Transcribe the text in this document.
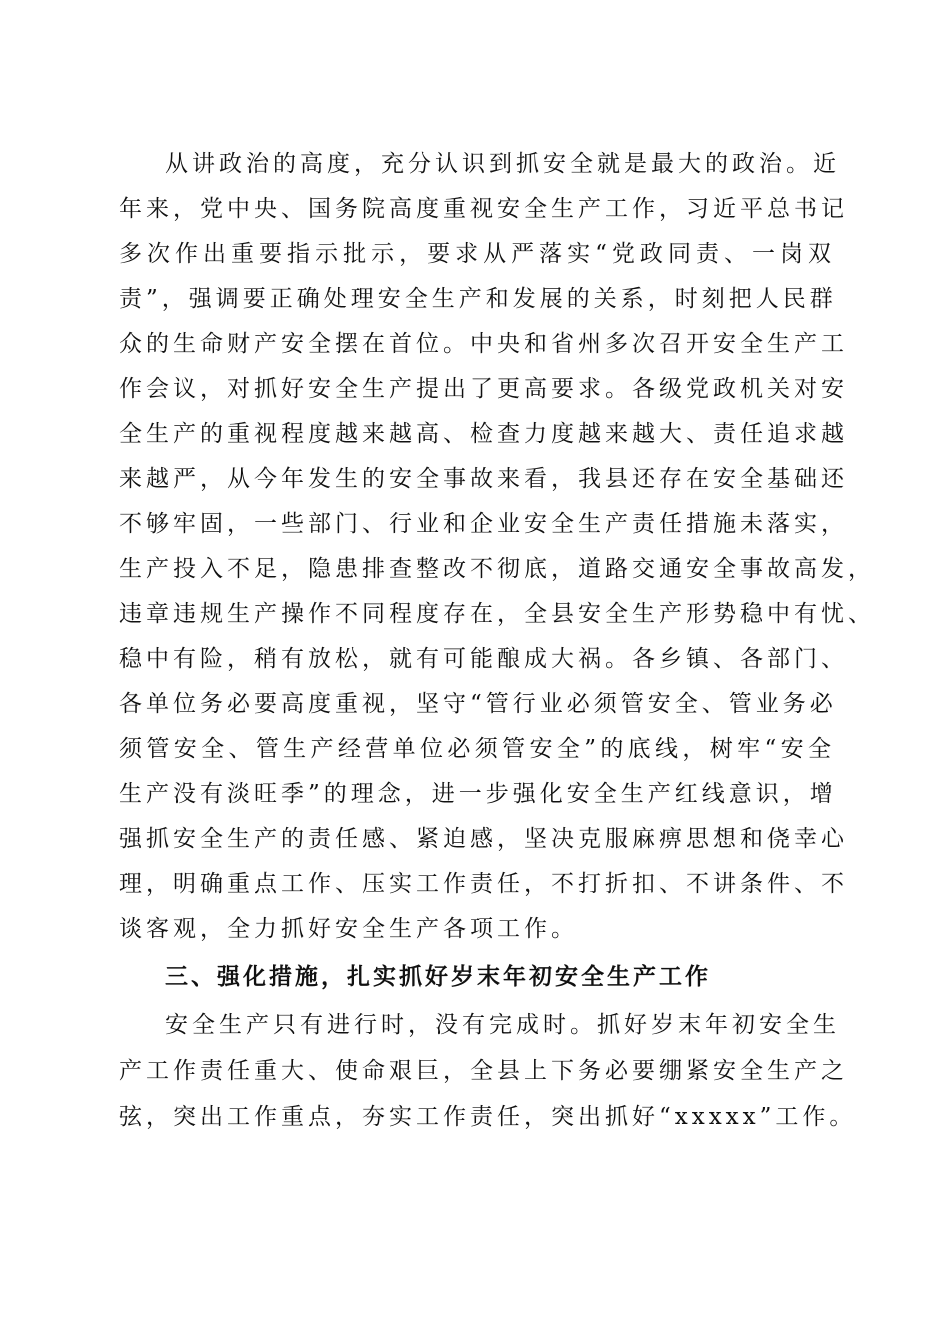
从讲政治的高度，充分认识到抓安全就是最大的政治。近
年来，党中央、国务院高度重视安全生产工作，习近平总书记
多次作出重要指示批示，要求从严落实“党政同责、一岗双
责”，强调要正确处理安全生产和发展的关系，时刻把人民群
众的生命财产安全摆在首位。中央和省州多次召开安全生产工
作会议，对抓好安全生产提出了更高要求。各级党政机关对安
全生产的重视程度越来越高、检查力度越来越大、责任追求越
来越严，从今年发生的安全事故来看，我县还存在安全基础还
不够牢固，一些部门、行业和企业安全生产责任措施未落实，
生产投入不足，隐患排查整改不彻底，道路交通安全事故高发，
违章违规生产操作不同程度存在，全县安全生产形势稳中有忧、
稳中有险，稍有放松，就有可能酿成大祸。各乡镇、各部门、
各单位务必要高度重视，坚守“管行业必须管安全、管业务必
须管安全、管生产经营单位必须管安全”的底线，树牢“安全
生产没有淡旺季”的理念，进一步强化安全生产红线意识，增
强抓安全生产的责任感、紧迫感，坚决克服麻痹思想和侥幸心
理，明确重点工作、压实工作责任，不打折扣、不讲条件、不
谈客观，全力抓好安全生产各项工作。
三、强化措施，扎实抓好岁末年初安全生产工作
安全生产只有进行时，没有完成时。抓好岁末年初安全生
产工作责任重大、使命艰巨，全县上下务必要绷紧安全生产之
弦，突出工作重点，夯实工作责任，突出抓好“xxxxx”工作。
